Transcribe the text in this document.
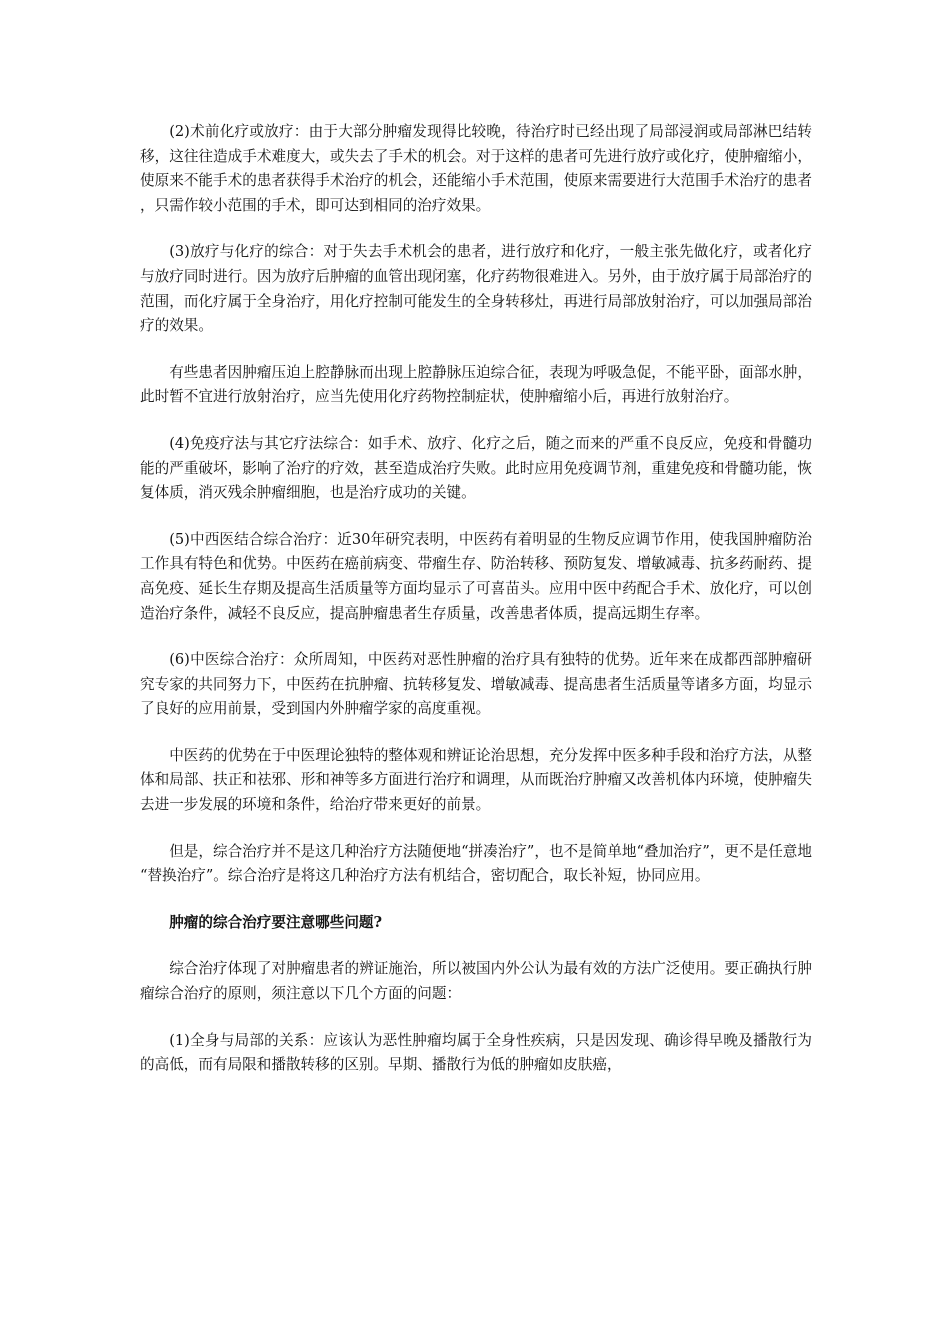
(2)术前化疗或放疗：由于大部分肿瘤发现得比较晚，待治疗时已经出现了局部浸润或局部淋巴结转移，这往往造成手术难度大，或失去了手术的机会。对于这样的患者可先进行放疗或化疗，使肿瘤缩小，使原来不能手术的患者获得手术治疗的机会，还能缩小手术范围，使原来需要进行大范围手术治疗的患者，只需作较小范围的手术，即可达到相同的治疗效果。

(3)放疗与化疗的综合：对于失去手术机会的患者，进行放疗和化疗，一般主张先做化疗，或者化疗与放疗同时进行。因为放疗后肿瘤的血管出现闭塞，化疗药物很难进入。另外，由于放疗属于局部治疗的范围，而化疗属于全身治疗，用化疗控制可能发生的全身转移灶，再进行局部放射治疗，可以加强局部治疗的效果。

有些患者因肿瘤压迫上腔静脉而出现上腔静脉压迫综合征，表现为呼吸急促，不能平卧，面部水肿，此时暂不宜进行放射治疗，应当先使用化疗药物控制症状，使肿瘤缩小后，再进行放射治疗。

(4)免疫疗法与其它疗法综合：如手术、放疗、化疗之后，随之而来的严重不良反应，免疫和骨髓功能的严重破坏，影响了治疗的疗效，甚至造成治疗失败。此时应用免疫调节剂，重建免疫和骨髓功能，恢复体质，消灭残余肿瘤细胞，也是治疗成功的关键。

(5)中西医结合综合治疗：近30年研究表明，中医药有着明显的生物反应调节作用，使我国肿瘤防治工作具有特色和优势。中医药在癌前病变、带瘤生存、防治转移、预防复发、增敏减毒、抗多药耐药、提高免疫、延长生存期及提高生活质量等方面均显示了可喜苗头。应用中医中药配合手术、放化疗，可以创造治疗条件，减轻不良反应，提高肿瘤患者生存质量，改善患者体质，提高远期生存率。

(6)中医综合治疗：众所周知，中医药对恶性肿瘤的治疗具有独特的优势。近年来在成都西部肿瘤研究专家的共同努力下，中医药在抗肿瘤、抗转移复发、增敏减毒、提高患者生活质量等诸多方面，均显示了良好的应用前景，受到国内外肿瘤学家的高度重视。

中医药的优势在于中医理论独特的整体观和辨证论治思想，充分发挥中医多种手段和治疗方法，从整体和局部、扶正和祛邪、形和神等多方面进行治疗和调理，从而既治疗肿瘤又改善机体内环境，使肿瘤失去进一步发展的环境和条件，给治疗带来更好的前景。

但是，综合治疗并不是这几种治疗方法随便地“拼凑治疗”，也不是简单地“叠加治疗”，更不是任意地“替换治疗”。综合治疗是将这几种治疗方法有机结合，密切配合，取长补短，协同应用。

肿瘤的综合治疗要注意哪些问题?

综合治疗体现了对肿瘤患者的辨证施治，所以被国内外公认为最有效的方法广泛使用。要正确执行肿瘤综合治疗的原则，须注意以下几个方面的问题：

(1)全身与局部的关系：应该认为恶性肿瘤均属于全身性疾病，只是因发现、确诊得早晚及播散行为的高低，而有局限和播散转移的区别。早期、播散行为低的肿瘤如皮肤癌，
